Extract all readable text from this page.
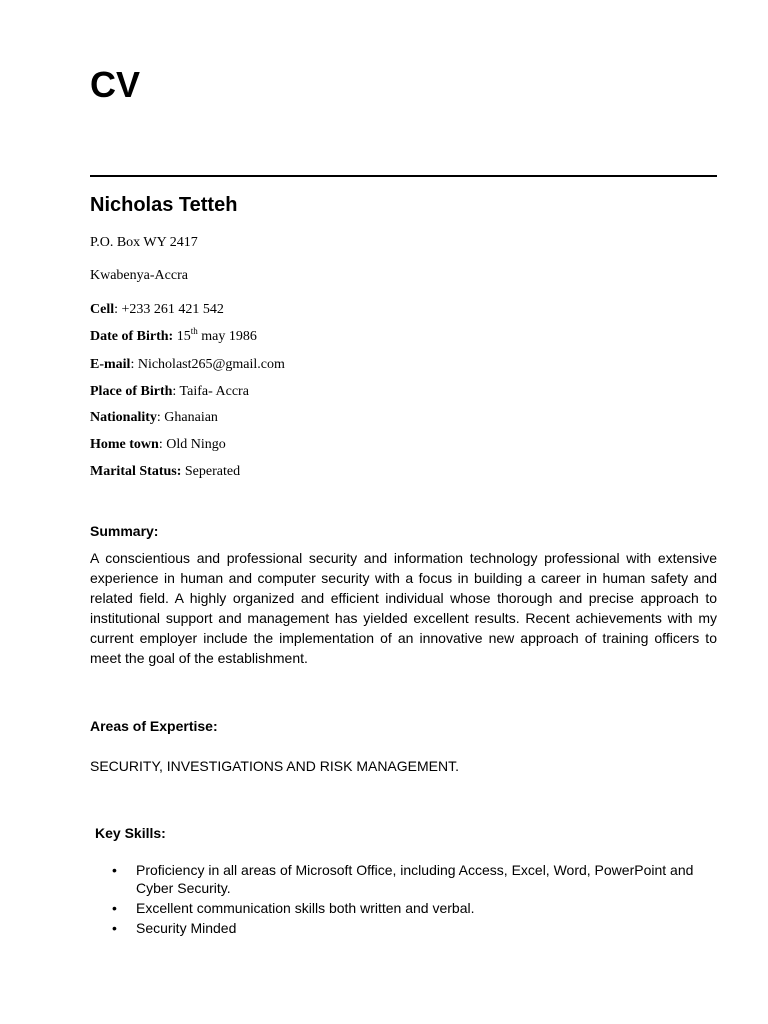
CV
Nicholas Tetteh
P.O. Box WY 2417
Kwabenya-Accra
Cell: +233 261 421 542
Date of Birth: 15th may 1986
E-mail: Nicholast265@gmail.com
Place of Birth: Taifa- Accra
Nationality: Ghanaian
Home town: Old Ningo
Marital Status: Seperated
Summary:

A conscientious and professional security and information technology professional with extensive experience in human and computer security with a focus in building a career in human safety and related field. A highly organized and efficient individual whose thorough and precise approach to institutional support and management has yielded excellent results. Recent achievements with my current employer include the implementation of an innovative new approach of training officers to meet the goal of the establishment.

Areas of Expertise:

SECURITY, INVESTIGATIONS AND RISK MANAGEMENT.

Key Skills:
• Proficiency in all areas of Microsoft Office, including Access, Excel, Word, PowerPoint and Cyber Security.
• Excellent communication skills both written and verbal.
• Security Minded
